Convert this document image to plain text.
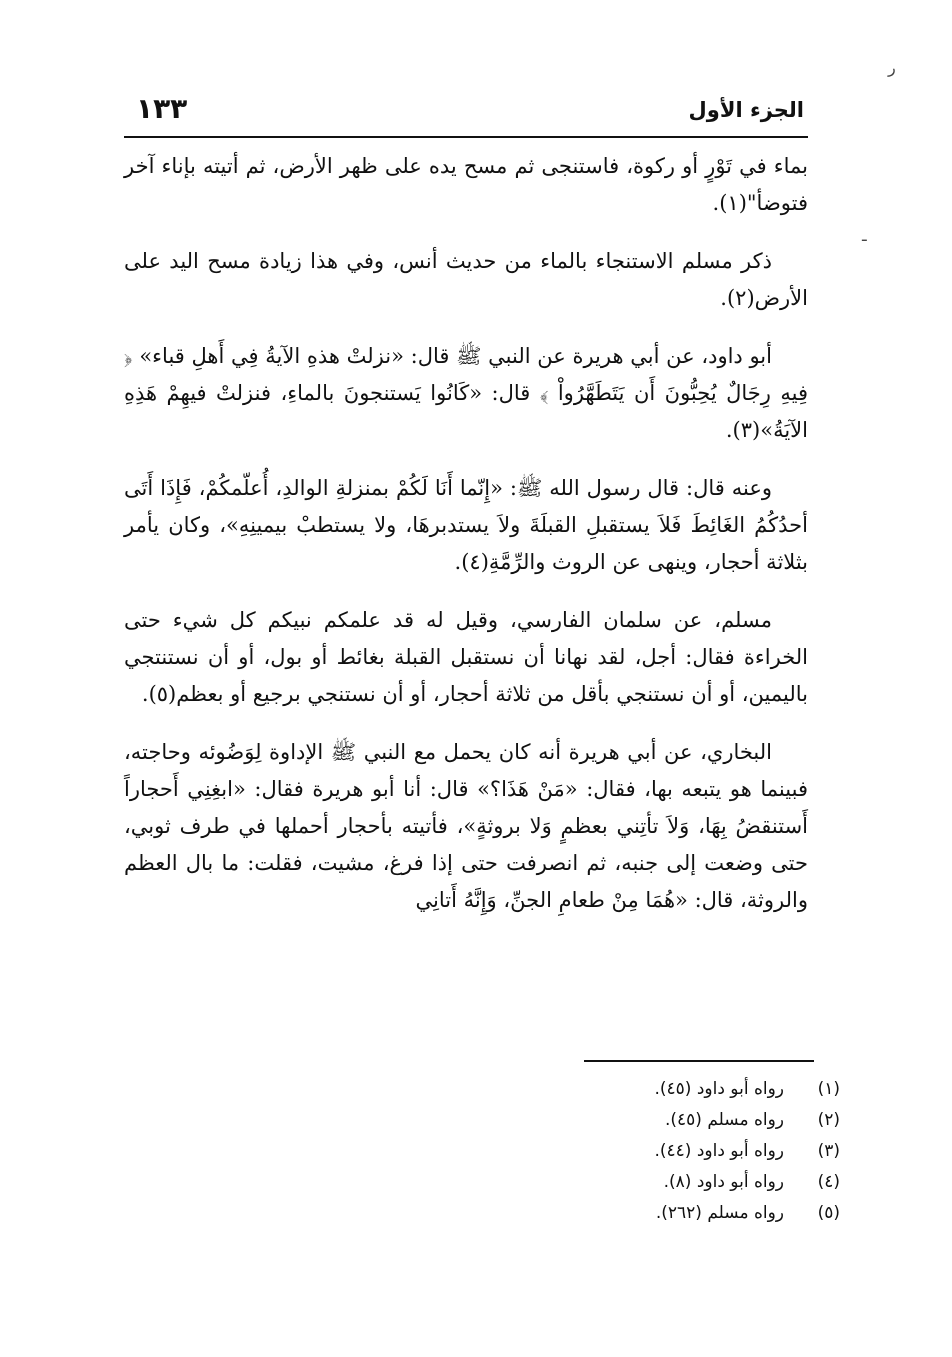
ر
ـ
الجزء الأول
١٣٣

بماء في تَوْرٍ أو ركوة، فاستنجى ثم مسح يده على ظهر الأرض، ثم أتيته بإناء آخر فتوضأ"(١).

ذكر مسلم الاستنجاء بالماء من حديث أنس، وفي هذا زيادة مسح اليد على الأرض(٢).

أبو داود، عن أبي هريرة عن النبي ﷺ قال: «نزلتْ هذهِ الآيةُ فِي أَهلِ قباء» ﴿ فِيهِ رِجَالٌ يُحِبُّونَ أَن يَتَطَهَّرُواْ ﴾ قال: «كَانُوا يَستنجونَ بالماءِ، فنزلتْ فيهِمْ هَذِهِ الآيَةُ»(٣).

وعنه قال: قال رسول الله ﷺ: «إِنّما أَنَا لَكُمْ بمنزلةِ الوالدِ، أُعلّمكُمْ، فَإِذَا أَتَى أحدُكُمُ الغَائِطَ فَلاَ يستقبلِ القبلَةَ ولاَ يستدبرهَا، ولا يستطبْ بيمينِهِ»، وكان يأمر بثلاثة أحجار، وينهى عن الروث والرِّمَّةِ(٤).

مسلم، عن سلمان الفارسي، وقيل له قد علمكم نبيكم كل شيء حتى الخراءة فقال: أجل، لقد نهانا أن نستقبل القبلة بغائط أو بول، أو أن نستنتجي باليمين، أو أن نستنجي بأقل من ثلاثة أحجار، أو أن نستنجي برجيع أو بعظم(٥).

البخاري، عن أبي هريرة أنه كان يحمل مع النبي ﷺ الإداوة لِوَضُوئه وحاجته، فبينما هو يتبعه بها، فقال: «مَنْ هَذَا؟» قال: أنا أبو هريرة فقال: «ابغِنِي أَحجاراً أَستنقضُ بِهَا، وَلاَ تأتِني بعظمٍ وَلا بروثةٍ»، فأتيته بأحجار أحملها في طرف ثوبي، حتى وضعت إلى جنبه، ثم انصرفت حتى إذا فرغ، مشيت، فقلت: ما بال العظم والروثة، قال: «هُمَا مِنْ طعامِ الجنِّ، وَإِنَّهُ أَتانِي

(١)
رواه أبو داود (٤٥).
(٢)
رواه مسلم (٤٥).
(٣)
رواه أبو داود (٤٤).
(٤)
رواه أبو داود (٨).
(٥)
رواه مسلم (٢٦٢).
